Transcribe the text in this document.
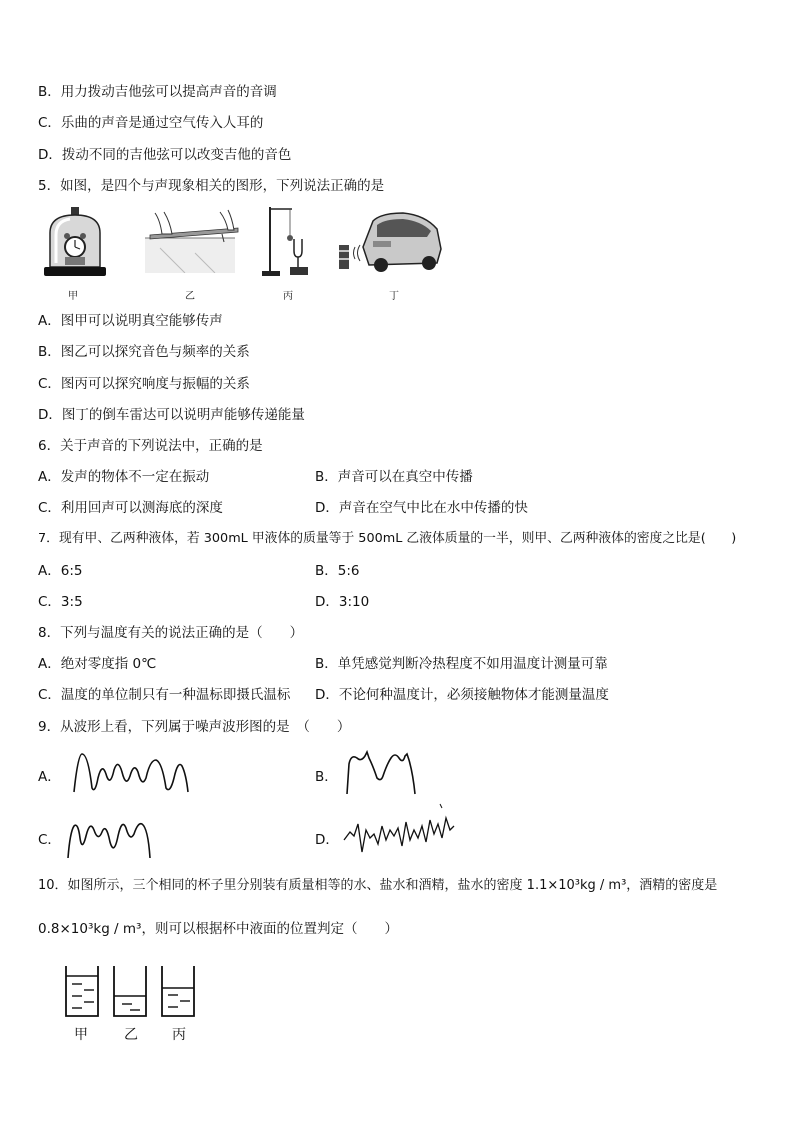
B．用力拨动吉他弦可以提高声音的音调
C．乐曲的声音是通过空气传入人耳的
D．拨动不同的吉他弦可以改变吉他的音色
5．如图，是四个与声现象相关的图形，下列说法正确的是
甲	乙	丙	丁
A．图甲可以说明真空能够传声
B．图乙可以探究音色与频率的关系
C．图丙可以探究响度与振幅的关系
D．图丁的倒车雷达可以说明声能够传递能量
6．关于声音的下列说法中，正确的是
A．发声的物体不一定在振动	B．声音可以在真空中传播
C．利用回声可以测海底的深度	D．声音在空气中比在水中传播的快
7．现有甲、乙两种液体，若 300mL 甲液体的质量等于 500mL 乙液体质量的一半，则甲、乙两种液体的密度之比是(　　)
A．6:5	B．5:6
C．3:5	D．3:10
8．下列与温度有关的说法正确的是（　　）
A．绝对零度指 0℃	B．单凭感觉判断冷热程度不如用温度计测量可靠
C．温度的单位制只有一种温标即摄氏温标 D．不论何种温度计，必须接触物体才能测量温度
9．从波形上看，下列属于噪声波形图的是　（　　）
A．	B．
C．	D．
10．如图所示，三个相同的杯子里分别装有质量相等的水、盐水和酒精，盐水的密度 1.1×10³kg / m³，酒精的密度是
0.8×10³kg / m³，则可以根据杯中液面的位置判定（　　）
甲	乙 丙
